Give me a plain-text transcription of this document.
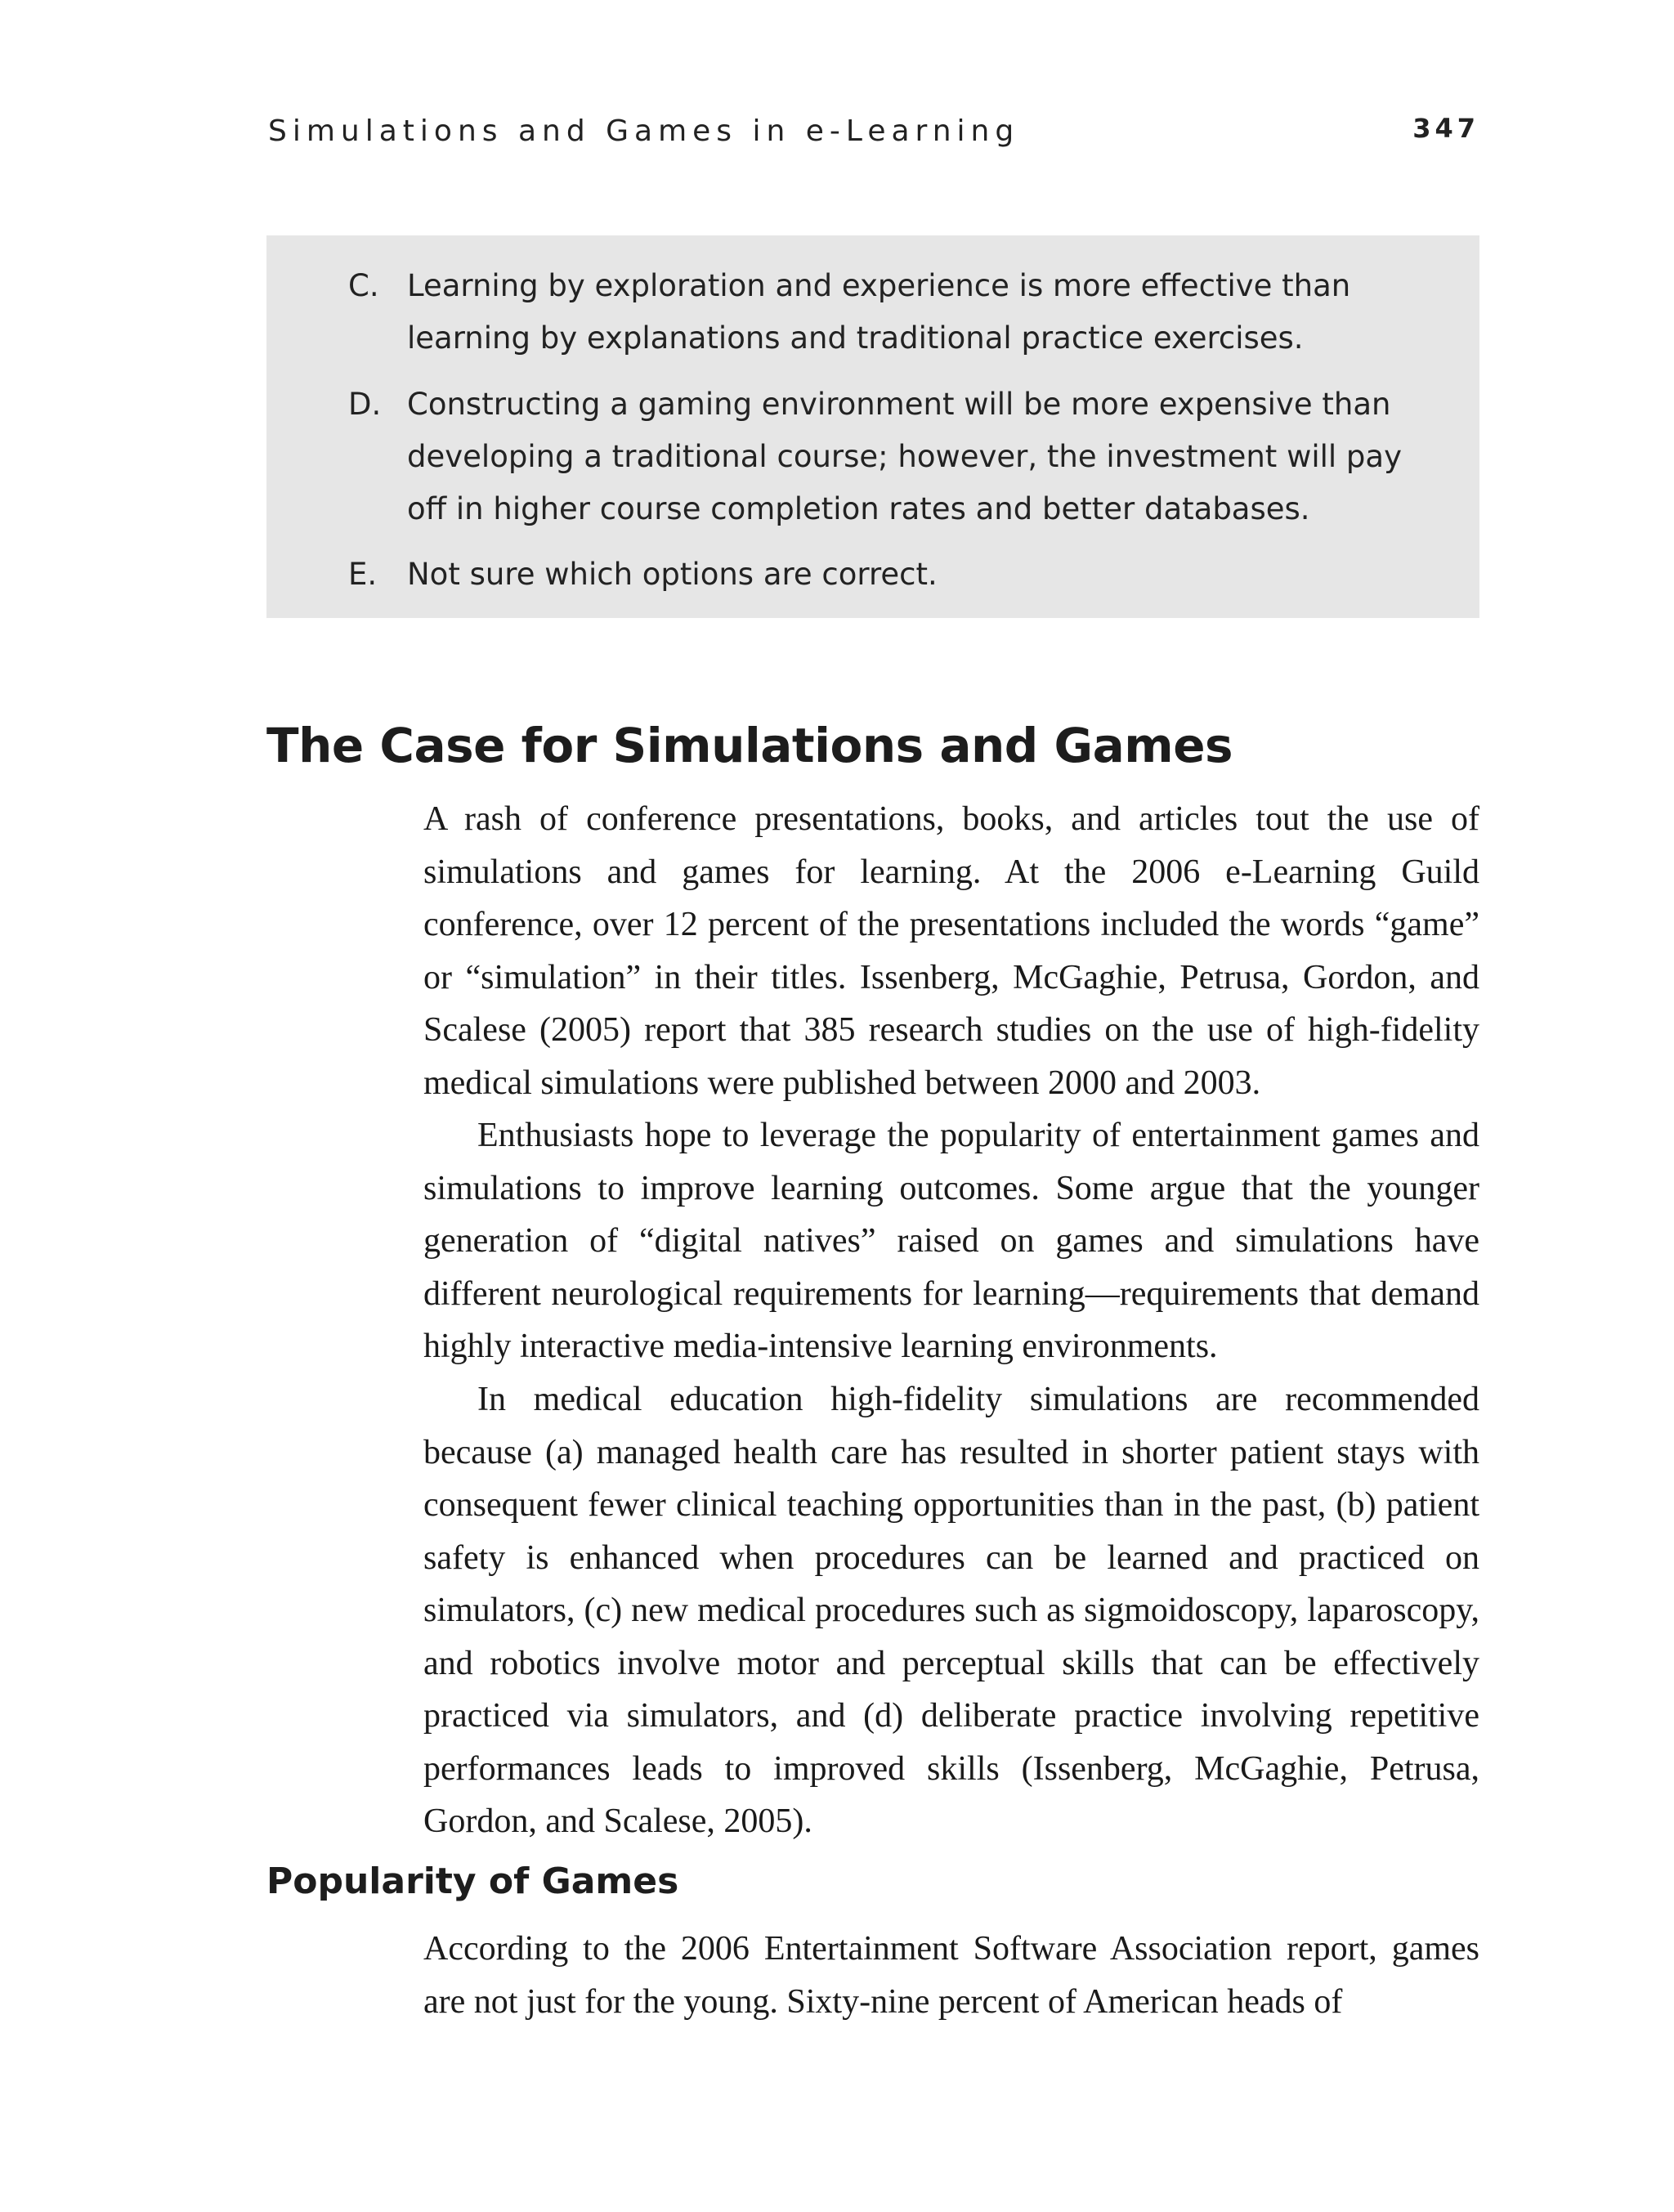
Simulations and Games in e-Learning	347
C. Learning by exploration and experience is more effective than learning by explanations and traditional practice exercises.
D. Constructing a gaming environment will be more expensive than developing a traditional course; however, the investment will pay off in higher course completion rates and better databases.
E. Not sure which options are correct.
The Case for Simulations and Games

A rash of conference presentations, books, and articles tout the use of simulations and games for learning. At the 2006 e-Learning Guild conference, over 12 percent of the presentations included the words “game” or “simulation” in their titles. Issenberg, McGaghie, Petrusa, Gordon, and Scalese (2005) report that 385 research studies on the use of high-fidelity medical simulations were published between 2000 and 2003.

Enthusiasts hope to leverage the popularity of entertainment games and simulations to improve learning outcomes. Some argue that the younger generation of “digital natives” raised on games and simulations have different neurological requirements for learning—requirements that demand highly interactive media-intensive learning environments.

In medical education high-fidelity simulations are recommended because (a) managed health care has resulted in shorter patient stays with consequent fewer clinical teaching opportunities than in the past, (b) patient safety is enhanced when procedures can be learned and practiced on simulators, (c) new medical procedures such as sigmoidoscopy, laparoscopy, and robotics involve motor and perceptual skills that can be effectively practiced via simulators, and (d) deliberate practice involving repetitive performances leads to improved skills (Issenberg, McGaghie, Petrusa, Gordon, and Scalese, 2005).

Popularity of Games

According to the 2006 Entertainment Software Association report, games are not just for the young. Sixty-nine percent of American heads of
